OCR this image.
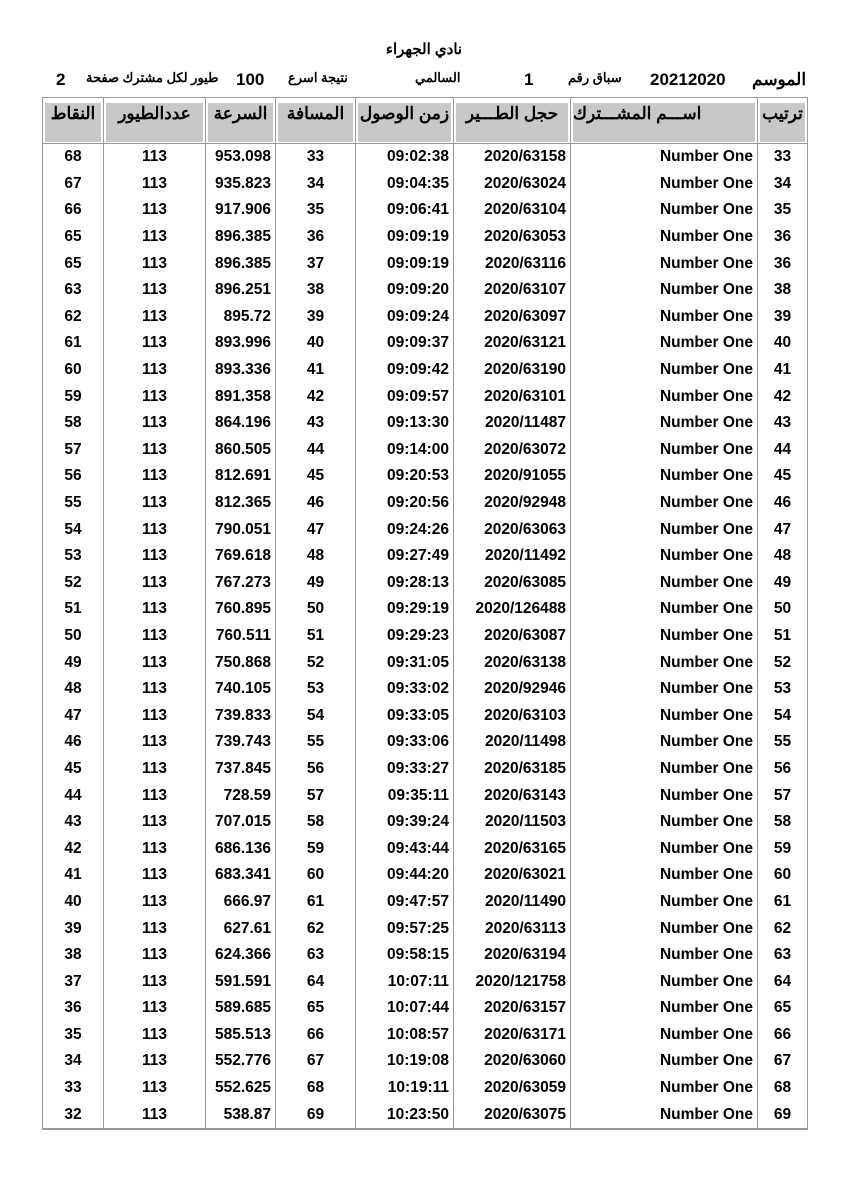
نادي الجهراء
2 طيور لكل مشترك صفحة 100 نتيجة اسرع	السالمي	1	سباق رقم 20212020 الموسم
النقاط	عددالطيور	السرعة	المسافة	زمن الوصول	حجل الطـــير	اســـم المشـــترك	ترتيب

68	113	953.098	33	09:02:38	2020/63158	Number One	33
67	113	935.823	34	09:04:35	2020/63024	Number One	34
66	113	917.906	35	09:06:41	2020/63104	Number One	35
65	113	896.385	36	09:09:19	2020/63053	Number One	36
65	113	896.385	37	09:09:19	2020/63116	Number One	36
63	113	896.251	38	09:09:20	2020/63107	Number One	38
62	113	895.72	39	09:09:24	2020/63097	Number One	39
61	113	893.996	40	09:09:37	2020/63121	Number One	40
60	113	893.336	41	09:09:42	2020/63190	Number One	41
59	113	891.358	42	09:09:57	2020/63101	Number One	42
58	113	864.196	43	09:13:30	2020/11487	Number One	43
57	113	860.505	44	09:14:00	2020/63072	Number One	44
56	113	812.691	45	09:20:53	2020/91055	Number One	45
55	113	812.365	46	09:20:56	2020/92948	Number One	46
54	113	790.051	47	09:24:26	2020/63063	Number One	47
53	113	769.618	48	09:27:49	2020/11492	Number One	48
52	113	767.273	49	09:28:13	2020/63085	Number One	49
51	113	760.895	50	09:29:19	2020/126488	Number One	50
50	113	760.511	51	09:29:23	2020/63087	Number One	51
49	113	750.868	52	09:31:05	2020/63138	Number One	52
48	113	740.105	53	09:33:02	2020/92946	Number One	53
47	113	739.833	54	09:33:05	2020/63103	Number One	54
46	113	739.743	55	09:33:06	2020/11498	Number One	55
45	113	737.845	56	09:33:27	2020/63185	Number One	56
44	113	728.59	57	09:35:11	2020/63143	Number One	57
43	113	707.015	58	09:39:24	2020/11503	Number One	58
42	113	686.136	59	09:43:44	2020/63165	Number One	59
41	113	683.341	60	09:44:20	2020/63021	Number One	60
40	113	666.97	61	09:47:57	2020/11490	Number One	61
39	113	627.61	62	09:57:25	2020/63113	Number One	62
38	113	624.366	63	09:58:15	2020/63194	Number One	63
37	113	591.591	64	10:07:11	2020/121758	Number One	64
36	113	589.685	65	10:07:44	2020/63157	Number One	65
35	113	585.513	66	10:08:57	2020/63171	Number One	66
34	113	552.776	67	10:19:08	2020/63060	Number One	67
33	113	552.625	68	10:19:11	2020/63059	Number One	68
32	113	538.87	69	10:23:50	2020/63075	Number One	69
